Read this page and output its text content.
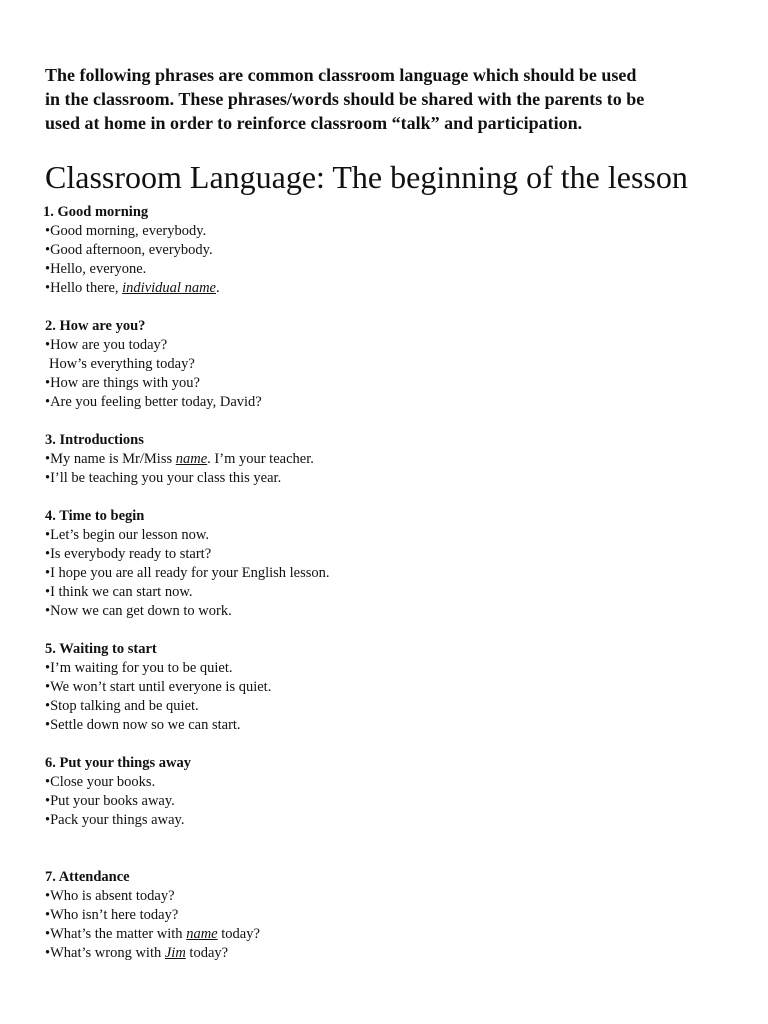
The following phrases are common classroom language which should be used
in the classroom. These phrases/words should be shared with the parents to be
used at home in order to reinforce classroom “talk” and participation.
Classroom Language: The beginning of the lesson
1. Good morning
•Good morning, everybody.
•Good afternoon, everybody.
•Hello, everyone.
•Hello there, individual name.
2. How are you?
•How are you today?
How’s everything today?
•How are things with you?
•Are you feeling better today, David?
3. Introductions
•My name is Mr/Miss name. I’m your teacher.
•I’ll be teaching you your class this year.
4. Time to begin
•Let’s begin our lesson now.
•Is everybody ready to start?
•I hope you are all ready for your English lesson.
•I think we can start now.
•Now we can get down to work.
5. Waiting to start
•I’m waiting for you to be quiet.
•We won’t start until everyone is quiet.
•Stop talking and be quiet.
•Settle down now so we can start.
6. Put your things away
•Close your books.
•Put your books away.
•Pack your things away.
7. Attendance
•Who is absent today?
•Who isn’t here today?
•What’s the matter with name today?
•What’s wrong with Jim today?
